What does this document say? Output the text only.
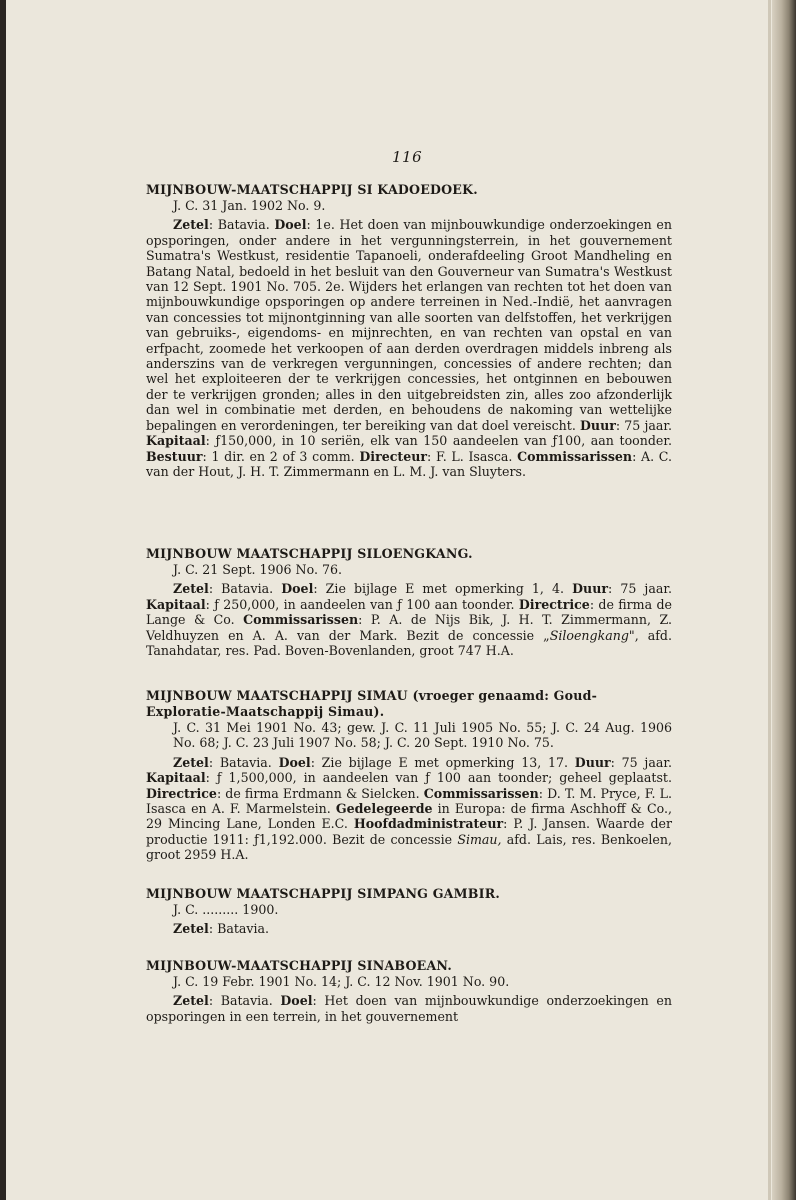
116
MIJNBOUW-MAATSCHAPPIJ SI KADOEDOEK.

J. C. 31 Jan. 1902 No. 9.

Zetel: Batavia. Doel: 1e. Het doen van mijnbouwkundige onderzoekingen en opsporingen, onder andere in het vergunningsterrein, in het gouvernement Sumatra's Westkust, residentie Tapanoeli, onderafdeeling Groot Mandheling en Batang Natal, bedoeld in het besluit van den Gouverneur van Sumatra's Westkust van 12 Sept. 1901 No. 705. 2e. Wijders het erlangen van rechten tot het doen van mijnbouwkundige opsporingen op andere terreinen in Ned.-Indië, het aanvragen van concessies tot mijnontginning van alle soorten van delfstoffen, het verkrijgen van gebruiks-, eigendoms- en mijnrechten, en van rechten van opstal en van erfpacht, zoomede het verkoopen of aan derden overdragen middels inbreng als anderszins van de verkregen vergunningen, concessies of andere rechten; dan wel het exploiteeren der te verkrijgen concessies, het ontginnen en bebouwen der te verkrijgen gronden; alles in den uitgebreidsten zin, alles zoo afzonderlijk dan wel in combinatie met derden, en behoudens de nakoming van wettelijke bepalingen en verordeningen, ter bereiking van dat doel vereischt. Duur: 75 jaar. Kapitaal: ƒ150,000, in 10 seriën, elk van 150 aandeelen van ƒ100, aan toonder. Bestuur: 1 dir. en 2 of 3 comm. Directeur: F. L. Isasca. Commissarissen: A. C. van der Hout, J. H. T. Zimmermann en L. M. J. van Sluyters.

MIJNBOUW MAATSCHAPPIJ SILOENGKANG.

J. C. 21 Sept. 1906 No. 76.

Zetel: Batavia. Doel: Zie bijlage E met opmerking 1, 4. Duur: 75 jaar. Kapitaal: ƒ 250,000, in aandeelen van ƒ 100 aan toonder. Directrice: de firma de Lange & Co. Commissarissen: P. A. de Nijs Bik, J. H. T. Zimmermann, Z. Veldhuyzen en A. A. van der Mark. Bezit de concessie „Siloengkang", afd. Tanahdatar, res. Pad. Boven-Bovenlanden, groot 747 H.A.

MIJNBOUW MAATSCHAPPIJ SIMAU (vroeger genaamd: Goud-Exploratie-Maatschappij Simau).

J. C. 31 Mei 1901 No. 43; gew. J. C. 11 Juli 1905 No. 55; J. C. 24 Aug. 1906 No. 68; J. C. 23 Juli 1907 No. 58; J. C. 20 Sept. 1910 No. 75.

Zetel: Batavia. Doel: Zie bijlage E met opmerking 13, 17. Duur: 75 jaar. Kapitaal: ƒ 1,500,000, in aandeelen van ƒ 100 aan toonder; geheel geplaatst. Directrice: de firma Erdmann & Sielcken. Commissarissen: D. T. M. Pryce, F. L. Isasca en A. F. Marmelstein. Gedelegeerde in Europa: de firma Aschhoff & Co., 29 Mincing Lane, Londen E.C. Hoofdadministrateur: P. J. Jansen. Waarde der productie 1911: ƒ1,192.000. Bezit de concessie Simau, afd. Lais, res. Benkoelen, groot 2959 H.A.

MIJNBOUW MAATSCHAPPIJ SIMPANG GAMBIR.

J. C. ......... 1900.

Zetel: Batavia.

MIJNBOUW-MAATSCHAPPIJ SINABOEAN.

J. C. 19 Febr. 1901 No. 14; J. C. 12 Nov. 1901 No. 90.

Zetel: Batavia. Doel: Het doen van mijnbouwkundige onderzoekingen en opsporingen in een terrein, in het gouvernement
